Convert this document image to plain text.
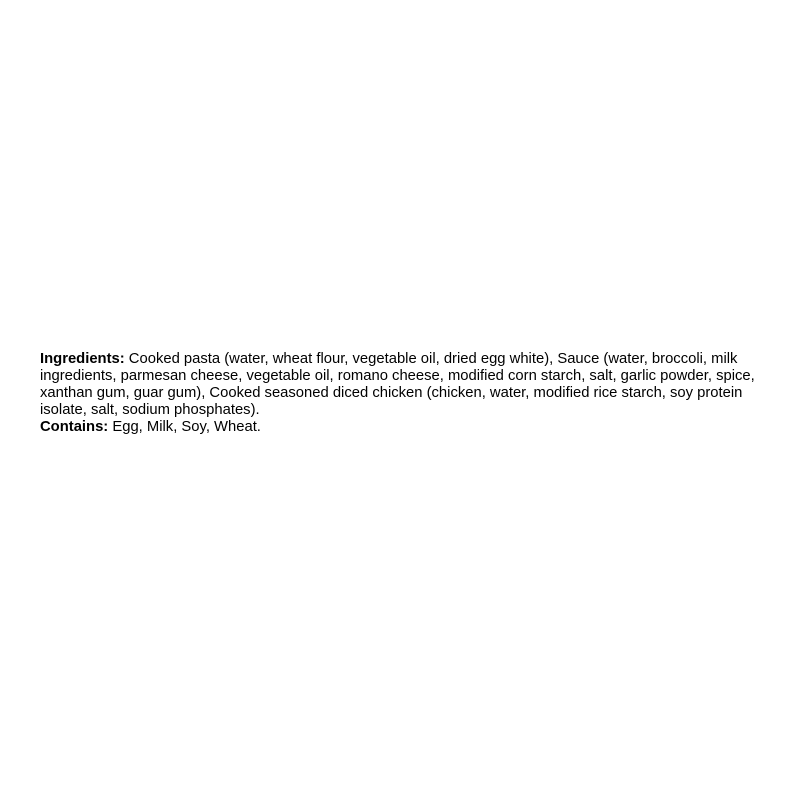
Ingredients: Cooked pasta (water, wheat flour, vegetable oil, dried egg white), Sauce (water, broccoli, milk
ingredients, parmesan cheese, vegetable oil, romano cheese, modified corn starch, salt, garlic powder, spice,
xanthan gum, guar gum), Cooked seasoned diced chicken (chicken, water, modified rice starch, soy protein
isolate, salt, sodium phosphates).
Contains: Egg, Milk, Soy, Wheat.
